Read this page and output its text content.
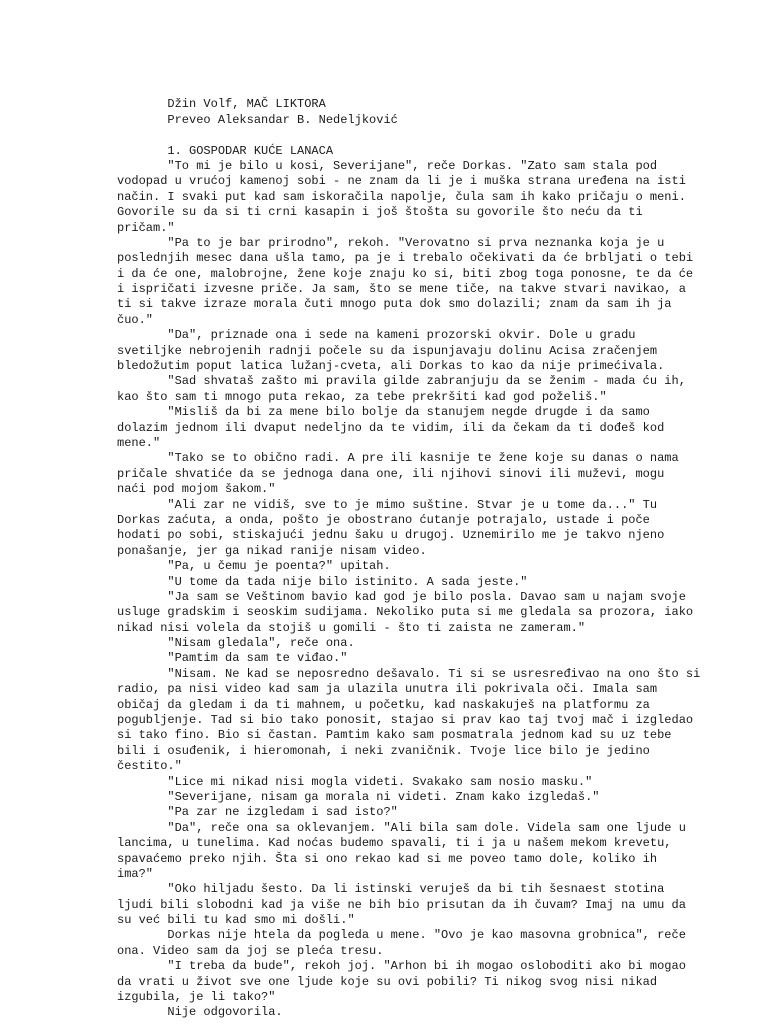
Džin Volf, MAČ LIKTORA
Preveo Aleksandar B. Nedeljković
1. GOSPODAR KUĆE LANACA
"To mi je bilo u kosi, Severijane", reče Dorkas. "Zato sam stala pod
vodopad u vrućoj kamenoj sobi - ne znam da li je i muška strana uređena na isti
način. I svaki put kad sam iskoračila napolje, čula sam ih kako pričaju o meni.
Govorile su da si ti crni kasapin i još štošta su govorile što neću da ti
pričam."
"Pa to je bar prirodno", rekoh. "Verovatno si prva neznanka koja je u
poslednjih mesec dana ušla tamo, pa je i trebalo očekivati da će brbljati o tebi
i da će one, malobrojne, žene koje znaju ko si, biti zbog toga ponosne, te da će
i ispričati izvesne priče. Ja sam, što se mene tiče, na takve stvari navikao, a
ti si takve izraze morala čuti mnogo puta dok smo dolazili; znam da sam ih ja
čuo."
"Da", priznade ona i sede na kameni prozorski okvir. Dole u gradu
svetiljke nebrojenih radnji počele su da ispunjavaju dolinu Acisa zračenjem
bledožutim poput latica lužanj-cveta, ali Dorkas to kao da nije primećivala.
"Sad shvataš zašto mi pravila gilde zabranjuju da se ženim - mada ću ih,
kao što sam ti mnogo puta rekao, za tebe prekršiti kad god poželiš."
"Misliš da bi za mene bilo bolje da stanujem negde drugde i da samo
dolazim jednom ili dvaput nedeljno da te vidim, ili da čekam da ti dođeš kod
mene."
"Tako se to obično radi. A pre ili kasnije te žene koje su danas o nama
pričale shvatiće da se jednoga dana one, ili njihovi sinovi ili muževi, mogu
naći pod mojom šakom."
"Ali zar ne vidiš, sve to je mimo suštine. Stvar je u tome da..." Tu
Dorkas zaćuta, a onda, pošto je obostrano ćutanje potrajalo, ustade i poče
hodati po sobi, stiskajući jednu šaku u drugoj. Uznemirilo me je takvo njeno
ponašanje, jer ga nikad ranije nisam video.
"Pa, u čemu je poenta?" upitah.
"U tome da tada nije bilo istinito. A sada jeste."
"Ja sam se Veštinom bavio kad god je bilo posla. Davao sam u najam svoje
usluge gradskim i seoskim sudijama. Nekoliko puta si me gledala sa prozora, iako
nikad nisi volela da stojiš u gomili - što ti zaista ne zameram."
"Nisam gledala", reče ona.
"Pamtim da sam te viđao."
"Nisam. Ne kad se neposredno dešavalo. Ti si se usresređivao na ono što si
radio, pa nisi video kad sam ja ulazila unutra ili pokrivala oči. Imala sam
običaj da gledam i da ti mahnem, u početku, kad naskakuješ na platformu za
pogubljenje. Tad si bio tako ponosit, stajao si prav kao taj tvoj mač i izgledao
si tako fino. Bio si častan. Pamtim kako sam posmatrala jednom kad su uz tebe
bili i osuđenik, i hieromonah, i neki zvaničnik. Tvoje lice bilo je jedino
čestito."
"Lice mi nikad nisi mogla videti. Svakako sam nosio masku."
"Severijane, nisam ga morala ni videti. Znam kako izgledaš."
"Pa zar ne izgledam i sad isto?"
"Da", reče ona sa oklevanjem. "Ali bila sam dole. Videla sam one ljude u
lancima, u tunelima. Kad noćas budemo spavali, ti i ja u našem mekom krevetu,
spavaćemo preko njih. Šta si ono rekao kad si me poveo tamo dole, koliko ih
ima?"
"Oko hiljadu šesto. Da li istinski veruješ da bi tih šesnaest stotina
ljudi bili slobodni kad ja više ne bih bio prisutan da ih čuvam? Imaj na umu da
su već bili tu kad smo mi došli."
Dorkas nije htela da pogleda u mene. "Ovo je kao masovna grobnica", reče
ona. Video sam da joj se pleća tresu.
"I treba da bude", rekoh joj. "Arhon bi ih mogao osloboditi ako bi mogao
da vrati u život sve one ljude koje su ovi pobili? Ti nikog svog nisi nikad
izgubila, je li tako?"
Nije odgovorila.
